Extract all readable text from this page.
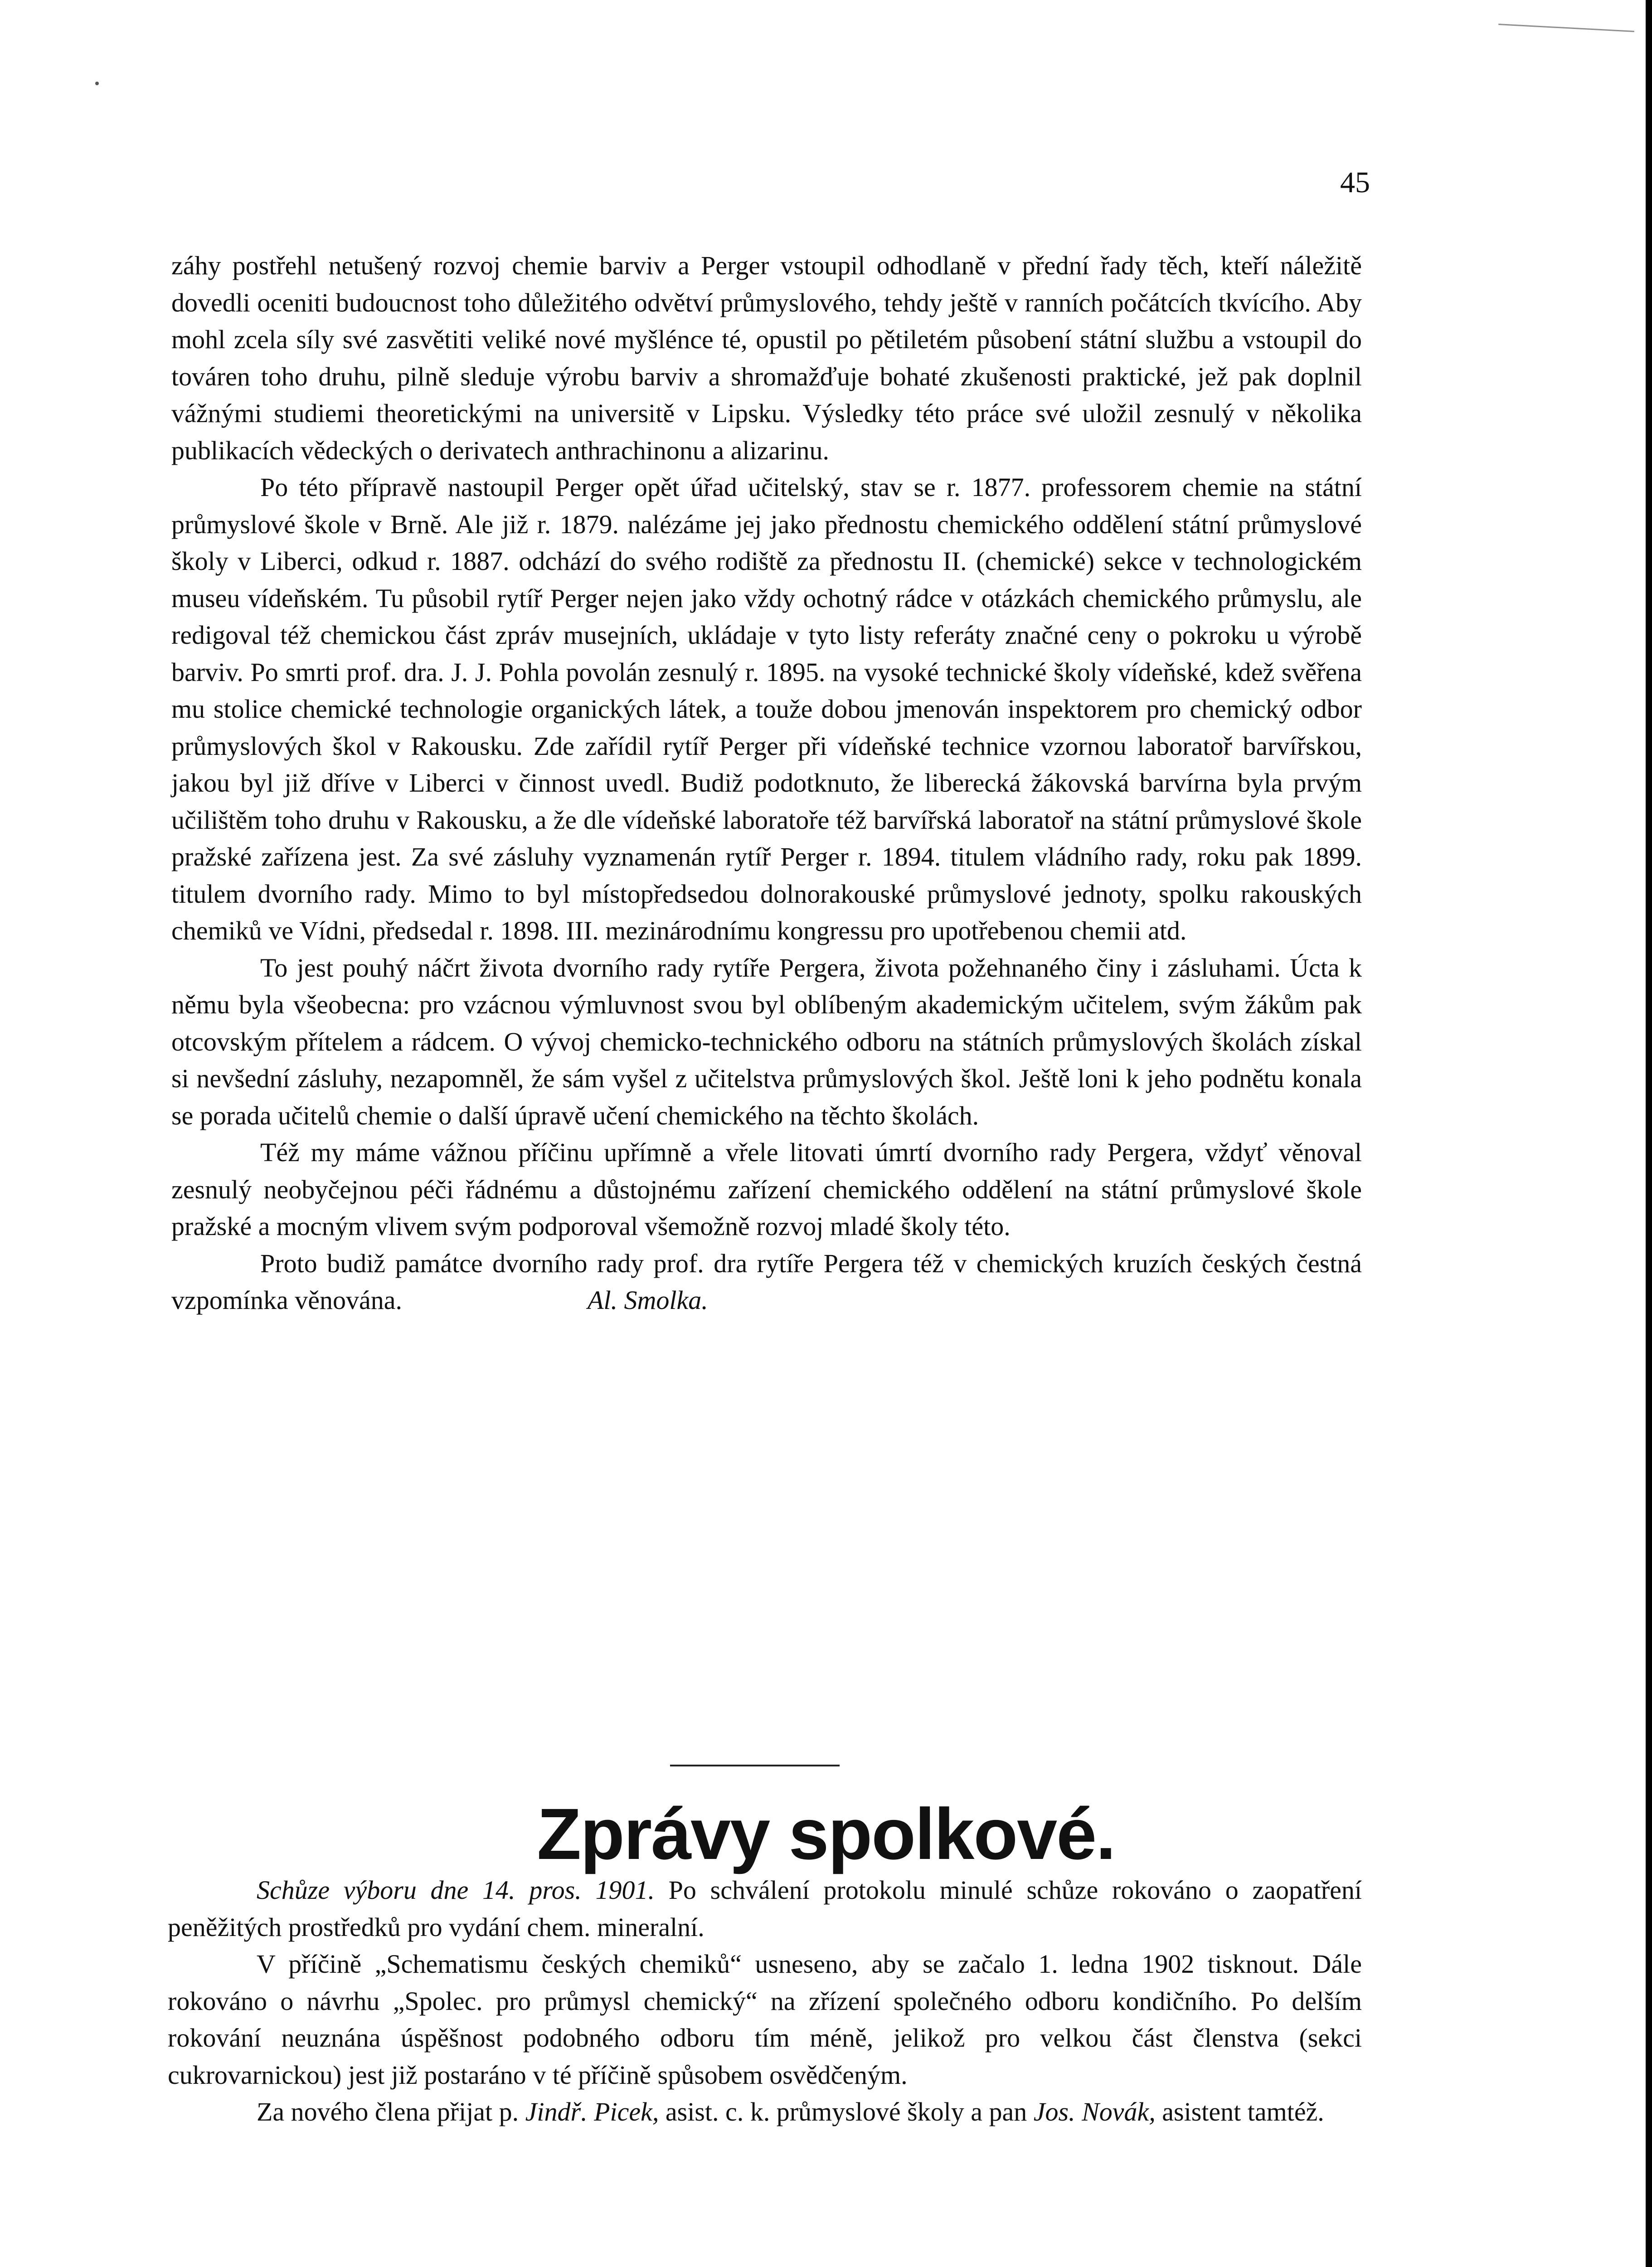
45

záhy postřehl netušený rozvoj chemie barviv a Perger vstoupil odhodlaně v přední řady těch, kteří náležitě dovedli oceniti budoucnost toho důležitého odvětví průmyslového, tehdy ještě v ranních počátcích tkvícího. Aby mohl zcela síly své zasvětiti veliké nové myšlénce té, opustil po pětiletém působení státní službu a vstoupil do továren toho druhu, pilně sleduje výrobu barviv a shromažďuje bohaté zkušenosti praktické, jež pak doplnil vážnými studiemi theoretickými na universitě v Lipsku. Výsledky této práce své uložil zesnulý v několika publikacích vědeckých o derivatech anthrachinonu a alizarinu.

Po této přípravě nastoupil Perger opět úřad učitelský, stav se r. 1877. professorem chemie na státní průmyslové škole v Brně. Ale již r. 1879. nalézáme jej jako přednostu chemického oddělení státní průmyslové školy v Liberci, odkud r. 1887. odchází do svého rodiště za přednostu II. (chemické) sekce v technologickém museu vídeňském. Tu působil rytíř Perger nejen jako vždy ochotný rádce v otázkách chemického průmyslu, ale redigoval též chemickou část zpráv musejních, ukládaje v tyto listy referáty značné ceny o pokroku u výrobě barviv. Po smrti prof. dra. J. J. Pohla povolán zesnulý r. 1895. na vysoké technické školy vídeňské, kdež svěřena mu stolice chemické technologie organických látek, a touže dobou jmenován inspektorem pro chemický odbor průmyslových škol v Rakousku. Zde zařídil rytíř Perger při vídeňské technice vzornou laboratoř barvířskou, jakou byl již dříve v Liberci v činnost uvedl. Budiž podotknuto, že liberecká žákovská barvírna byla prvým učilištěm toho druhu v Rakousku, a že dle vídeňské laboratoře též barvířská laboratoř na státní průmyslové škole pražské zařízena jest. Za své zásluhy vyznamenán rytíř Perger r. 1894. titulem vládního rady, roku pak 1899. titulem dvorního rady. Mimo to byl místopředsedou dolnorakouské průmyslové jednoty, spolku rakouských chemiků ve Vídni, předsedal r. 1898. III. mezinárodnímu kongressu pro upotřebenou chemii atd.

To jest pouhý náčrt života dvorního rady rytíře Pergera, života požehnaného činy i zásluhami. Úcta k němu byla všeobecna: pro vzácnou výmluvnost svou byl oblíbeným akademickým učitelem, svým žákům pak otcovským přítelem a rádcem. O vývoj chemicko-technického odboru na státních průmyslových školách získal si nevšední zásluhy, nezapomněl, že sám vyšel z učitelstva průmyslových škol. Ještě loni k jeho podnětu konala se porada učitelů chemie o další úpravě učení chemického na těchto školách.

Též my máme vážnou příčinu upřímně a vřele litovati úmrtí dvorního rady Pergera, vždyť věnoval zesnulý neobyčejnou péči řádnému a důstojnému zařízení chemického oddělení na státní průmyslové škole pražské a mocným vlivem svým podporoval všemožně rozvoj mladé školy této.

Proto budiž památce dvorního rady prof. dra rytíře Pergera též v chemických kruzích českých čestná vzpomínka věnována.	Al. Smolka.

Zprávy spolkové.

Schůze výboru dne 14. pros. 1901. Po schválení protokolu minulé schůze rokováno o zaopatření peněžitých prostředků pro vydání chem. mineralní.

V příčině „Schematismu českých chemiků“ usneseno, aby se začalo 1. ledna 1902 tisknout. Dále rokováno o návrhu „Spolec. pro průmysl chemický“ na zřízení společného odboru kondičního. Po delším rokování neuznána úspěšnost podobného odboru tím méně, jelikož pro velkou část členstva (sekci cukrovarnickou) jest již postaráno v té příčině spůsobem osvědčeným.

Za nového člena přijat p. Jindř. Picek, asist. c. k. průmyslové školy a pan Jos. Novák, asistent tamtéž.
